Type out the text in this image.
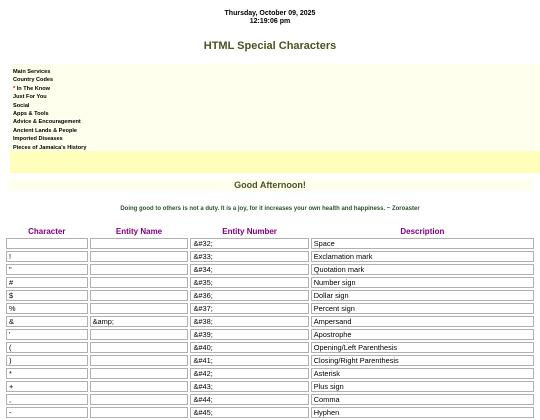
Thursday, October 09, 2025
12:19:06 pm
HTML Special Characters
Main Services
Country Codes
* In The Know
Just For You
Social
Apps & Tools
Advice & Encouragement
Ancient Lands & People
Imported Diseases
Pieces of Jamaica's History
Good Afternoon!
Doing good to others is not a duty. It is a joy, for it increases your own health and happiness. ~ Zoroaster
Character	Entity Name	Entity Number	Description
		&#32;	Space
!		&#33;	Exclamation mark
"		&#34;	Quotation mark
#		&#35;	Number sign
$		&#36;	Dollar sign
%		&#37;	Percent sign
&	&amp;	&#38;	Ampersand
'		&#39;	Apostrophe
(		&#40;	Opening/Left Parenthesis
)		&#41;	Closing/Right Parenthesis
*		&#42;	Asterisk
+		&#43;	Plus sign
,		&#44;	Comma
-		&#45;	Hyphen
